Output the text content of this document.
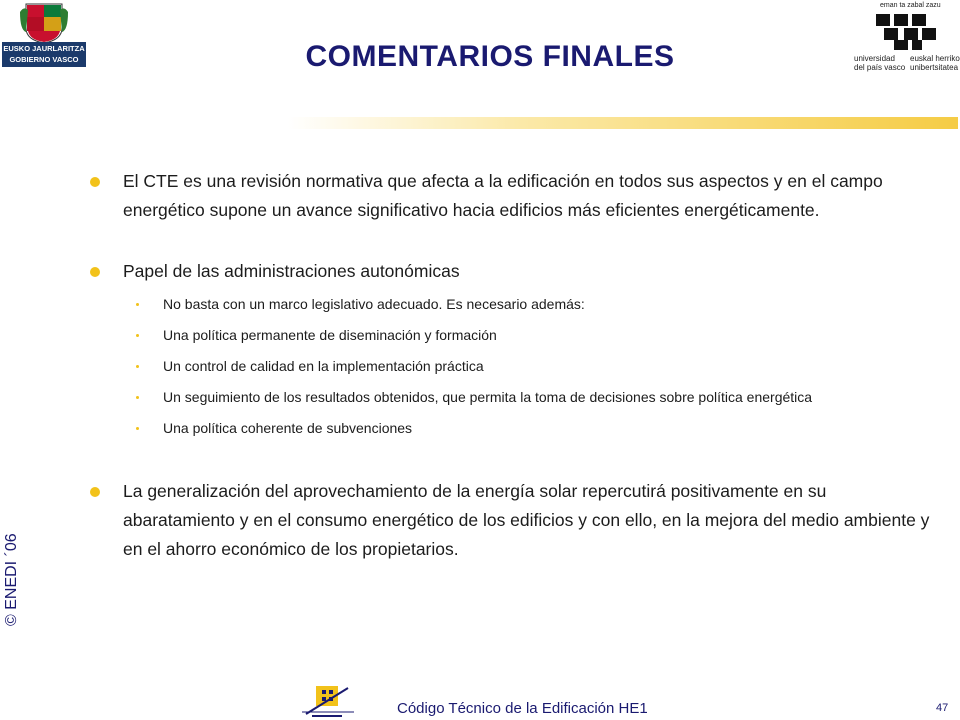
EUSKO JAURLARITZA
GOBIERNO VASCO
eman ta zabal zazu
universidad
del país vasco
euskal herriko
unibertsitatea
COMENTARIOS FINALES
El CTE es una revisión normativa que afecta a la edificación en todos sus aspectos y en el campo energético supone un avance significativo hacia edificios más eficientes energéticamente.
Papel de las administraciones autonómicas
No basta con un marco legislativo adecuado. Es necesario además:
Una política permanente de diseminación y formación
Un control de calidad en la implementación práctica
Un seguimiento de los resultados obtenidos, que permita la toma de decisiones sobre política energética
Una política coherente de subvenciones
La generalización del aprovechamiento de la energía solar repercutirá positivamente en su abaratamiento y en el consumo energético de los edificios y con ello, en la mejora del medio ambiente y en el ahorro económico de los propietarios.
© ENEDI ´06
Código Técnico de la Edificación HE1	47
